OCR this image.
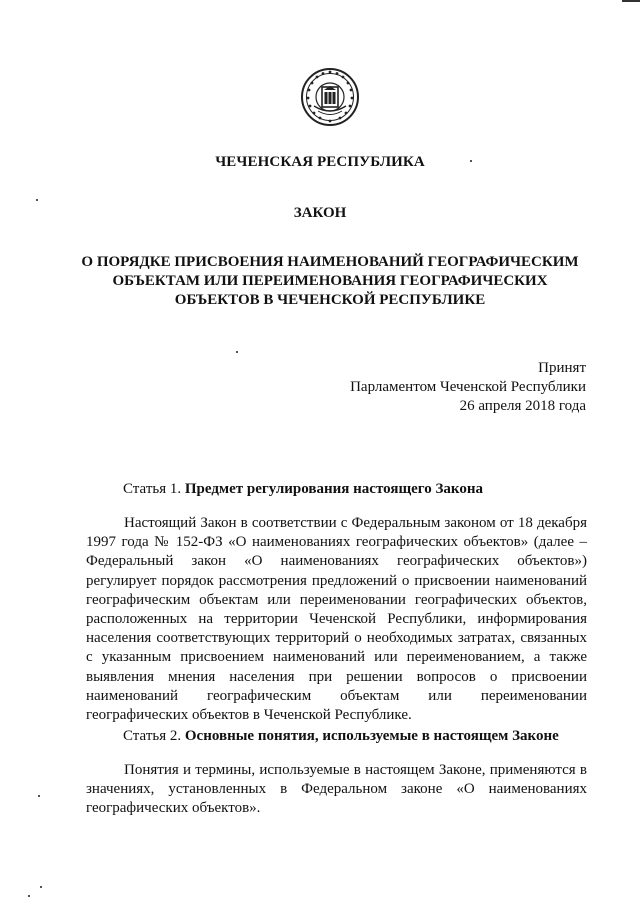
ЧЕЧЕНСКАЯ РЕСПУБЛИКА
ЗАКОН
О ПОРЯДКЕ ПРИСВОЕНИЯ НАИМЕНОВАНИЙ ГЕОГРАФИЧЕСКИМ ОБЪЕКТАМ ИЛИ ПЕРЕИМЕНОВАНИЯ ГЕОГРАФИЧЕСКИХ ОБЪЕКТОВ В ЧЕЧЕНСКОЙ РЕСПУБЛИКЕ
Принят
Парламентом Чеченской Республики
26 апреля 2018 года
Статья 1. Предмет регулирования настоящего Закона

Настоящий Закон в соответствии с Федеральным законом от 18 декабря 1997 года № 152-ФЗ «О наименованиях географических объектов» (далее – Федеральный закон «О наименованиях географических объектов») регулирует порядок рассмотрения предложений о присвоении наименований географическим объектам или переименовании географических объектов, расположенных на территории Чеченской Республики, информирования населения соответствующих территорий о необходимых затратах, связанных с указанным присвоением наименований или переименованием, а также выявления мнения населения при решении вопросов о присвоении наименований географическим объектам или переименовании географических объектов в Чеченской Республике.

Статья 2. Основные понятия, используемые в настоящем Законе

Понятия и термины, используемые в настоящем Законе, применяются в значениях, установленных в Федеральном законе «О наименованиях географических объектов».
